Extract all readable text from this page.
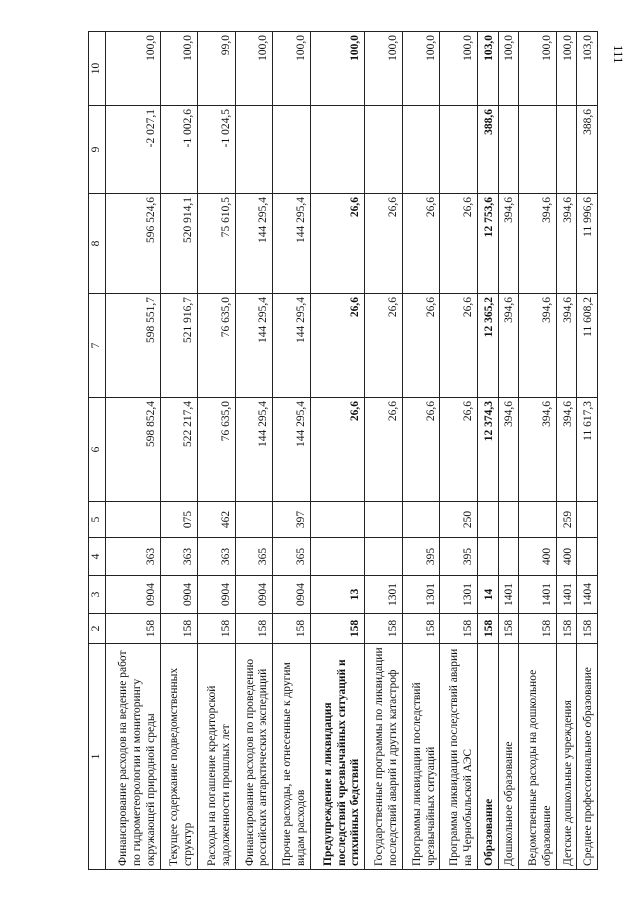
111
1	2	3	4	5	6	7	8	9	10
Финансирование расходов на ведение работ по гидрометеорологии и мониторингу окружающей природной среды	158	0904	363		598 852,4	598 551,7	596 524,6	-2 027,1	100,0
Текущее содержание подведомственных структур	158	0904	363	075	522 217,4	521 916,7	520 914,1	-1 002,6	100,0
Расходы на погашение кредиторской задолженности прошлых лет	158	0904	363	462	76 635,0	76 635,0	75 610,5	-1 024,5	99,0
Финансирование расходов по проведению российских антарктических экспедиций	158	0904	365		144 295,4	144 295,4	144 295,4		100,0
Прочие расходы, не отнесенные к другим видам расходов	158	0904	365	397	144 295,4	144 295,4	144 295,4		100,0
Предупреждение и ликвидация последствий чрезвычайных ситуаций и стихийных бедствий	158	13			26,6	26,6	26,6		100,0
Государственные программы по ликвидации последствий аварий и других катастроф	158	1301			26,6	26,6	26,6		100,0
Программы ликвидации последствий чрезвычайных ситуаций	158	1301	395		26,6	26,6	26,6		100,0
Программа ликвидации последствий аварии на Чернобыльской АЭС	158	1301	395	250	26,6	26,6	26,6		100,0
Образование	158	14			12 374,3	12 365,2	12 753,6	388,6	103,0
Дошкольное образование	158	1401			394,6	394,6	394,6		100,0
Ведомственные расходы на дошкольное образование	158	1401	400		394,6	394,6	394,6		100,0
Детские дошкольные учреждения	158	1401	400	259	394,6	394,6	394,6		100,0
Среднее профессиональное образование	158	1404			11 617,3	11 608,2	11 996,6	388,6	103,0
